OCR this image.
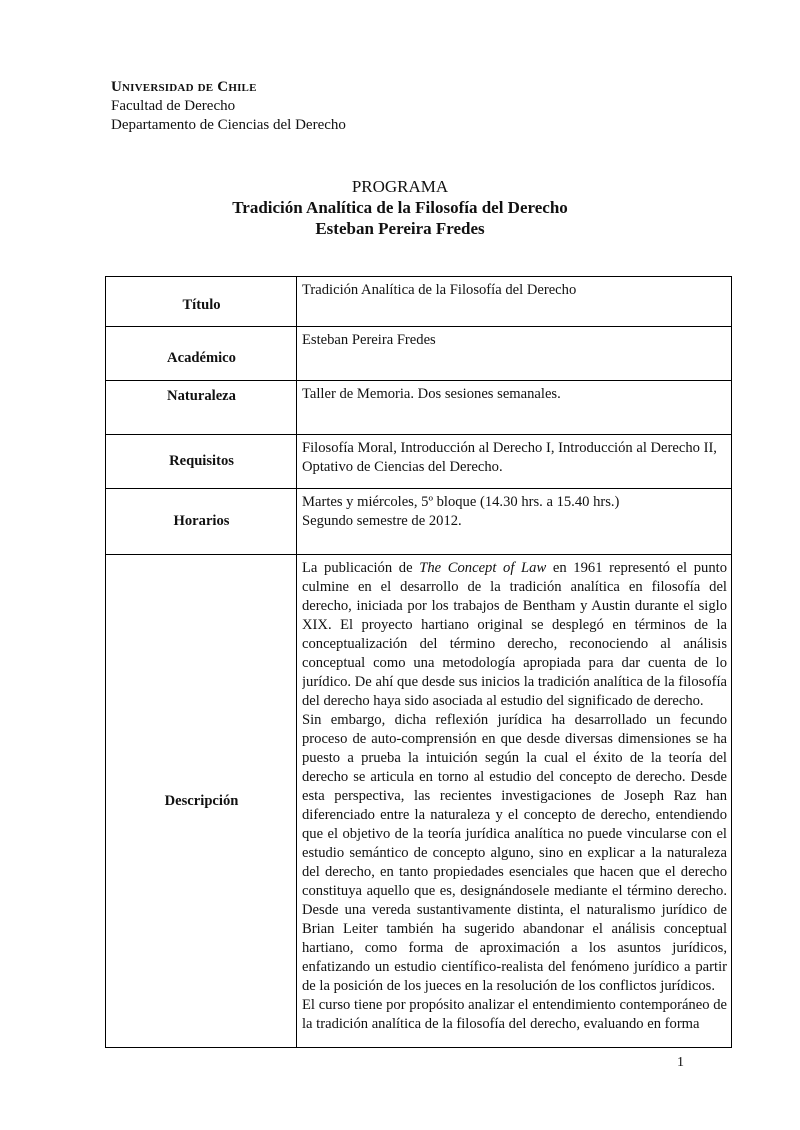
Universidad de Chile
Facultad de Derecho
Departamento de Ciencias del Derecho
PROGRAMA
Tradición Analítica de la Filosofía del Derecho
Esteban Pereira Fredes
Título	Tradición Analítica de la Filosofía del Derecho
Académico	Esteban Pereira Fredes
Naturaleza	Taller de Memoria. Dos sesiones semanales.
Requisitos	Filosofía Moral, Introducción al Derecho I, Introducción al Derecho II, Optativo de Ciencias del Derecho.
Horarios	Martes y miércoles, 5º bloque (14.30 hrs. a 15.40 hrs.)

Segundo semestre de 2012.

Descripción	La publicación de The Concept of Law en 1961 representó el punto culmine en el desarrollo de la tradición analítica en filosofía del derecho, iniciada por los trabajos de Bentham y Austin durante el siglo XIX. El proyecto hartiano original se desplegó en términos de la conceptualización del término derecho, reconociendo al análisis conceptual como una metodología apropiada para dar cuenta de lo jurídico. De ahí que desde sus inicios la tradición analítica de la filosofía del derecho haya sido asociada al estudio del significado de derecho.

Sin embargo, dicha reflexión jurídica ha desarrollado un fecundo proceso de auto-comprensión en que desde diversas dimensiones se ha puesto a prueba la intuición según la cual el éxito de la teoría del derecho se articula en torno al estudio del concepto de derecho. Desde esta perspectiva, las recientes investigaciones de Joseph Raz han diferenciado entre la naturaleza y el concepto de derecho, entendiendo que el objetivo de la teoría jurídica analítica no puede vincularse con el estudio semántico de concepto alguno, sino en explicar a la naturaleza del derecho, en tanto propiedades esenciales que hacen que el derecho constituya aquello que es, designándosele mediante el término derecho. Desde una vereda sustantivamente distinta, el naturalismo jurídico de Brian Leiter también ha sugerido abandonar el análisis conceptual hartiano, como forma de aproximación a los asuntos jurídicos, enfatizando un estudio científico-realista del fenómeno jurídico a partir de la posición de los jueces en la resolución de los conflictos jurídicos.

El curso tiene por propósito analizar el entendimiento contemporáneo de la tradición analítica de la filosofía del derecho, evaluando en forma

1
